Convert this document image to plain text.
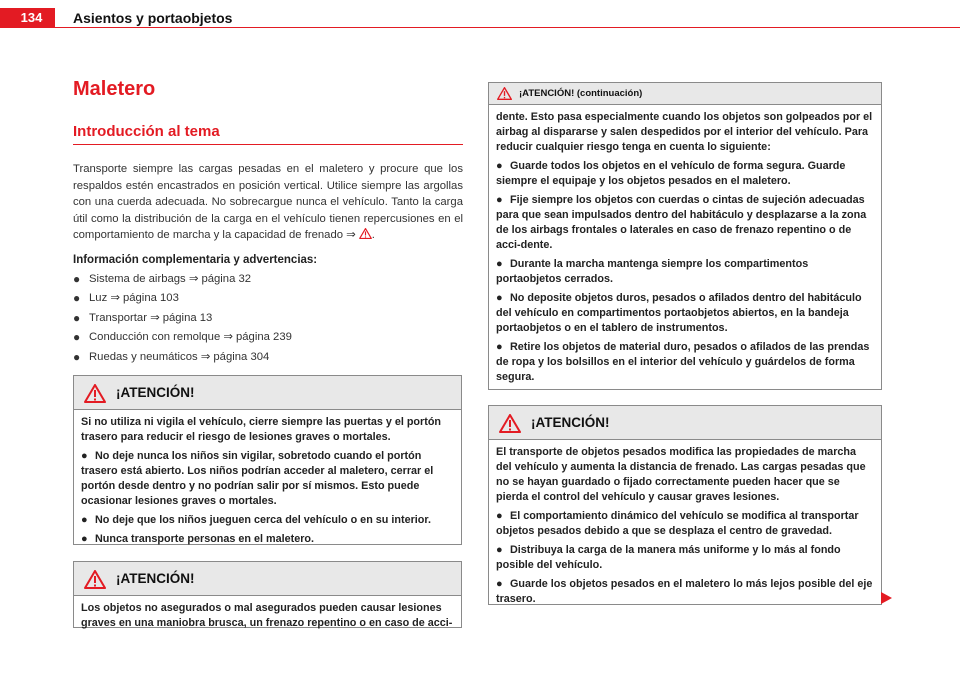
134	Asientos y portaobjetos
Maletero
Introducción al tema

Transporte siempre las cargas pesadas en el maletero y procure que los respaldos estén encastrados en posición vertical. Utilice siempre las argollas con una cuerda adecuada. No sobrecargue nunca el vehículo. Tanto la carga útil como la distribución de la carga en el vehículo tienen repercusiones en el comportamiento de marcha y la capacidad de frenado ⇒ .

Información complementaria y advertencias:
● Sistema de airbags ⇒ página 32
● Luz ⇒ página 103
● Transportar ⇒ página 13
● Conducción con remolque ⇒ página 239
● Ruedas y neumáticos ⇒ página 304
¡ATENCIÓN!

Si no utiliza ni vigila el vehículo, cierre siempre las puertas y el portón trasero para reducir el riesgo de lesiones graves o mortales.

● No deje nunca los niños sin vigilar, sobretodo cuando el portón trasero está abierto. Los niños podrían acceder al maletero, cerrar el portón desde dentro y no podrían salir por sí mismos. Esto puede ocasionar lesiones graves o mortales.

● No deje que los niños jueguen cerca del vehículo o en su interior.

● Nunca transporte personas en el maletero.

¡ATENCIÓN!

Los objetos no asegurados o mal asegurados pueden causar lesiones graves en una maniobra brusca, un frenazo repentino o en caso de acci-

¡ATENCIÓN! (continuación)

dente. Esto pasa especialmente cuando los objetos son golpeados por el airbag al dispararse y salen despedidos por el interior del vehículo. Para reducir cualquier riesgo tenga en cuenta lo siguiente:

● Guarde todos los objetos en el vehículo de forma segura. Guarde siempre el equipaje y los objetos pesados en el maletero.

● Fije siempre los objetos con cuerdas o cintas de sujeción adecuadas para que sean impulsados dentro del habitáculo y desplazarse a la zona de los airbags frontales o laterales en caso de frenazo repentino o de acci-dente.

● Durante la marcha mantenga siempre los compartimentos portaobjetos cerrados.

● No deposite objetos duros, pesados o afilados dentro del habitáculo del vehículo en compartimentos portaobjetos abiertos, en la bandeja portaobjetos o en el tablero de instrumentos.

● Retire los objetos de material duro, pesados o afilados de las prendas de ropa y los bolsillos en el interior del vehículo y guárdelos de forma segura.

¡ATENCIÓN!

El transporte de objetos pesados modifica las propiedades de marcha del vehículo y aumenta la distancia de frenado. Las cargas pesadas que no se hayan guardado o fijado correctamente pueden hacer que se pierda el control del vehículo y causar graves lesiones.

● El comportamiento dinámico del vehículo se modifica al transportar objetos pesados debido a que se desplaza el centro de gravedad.

● Distribuya la carga de la manera más uniforme y lo más al fondo posible del vehículo.

● Guarde los objetos pesados en el maletero lo más lejos posible del eje trasero.
